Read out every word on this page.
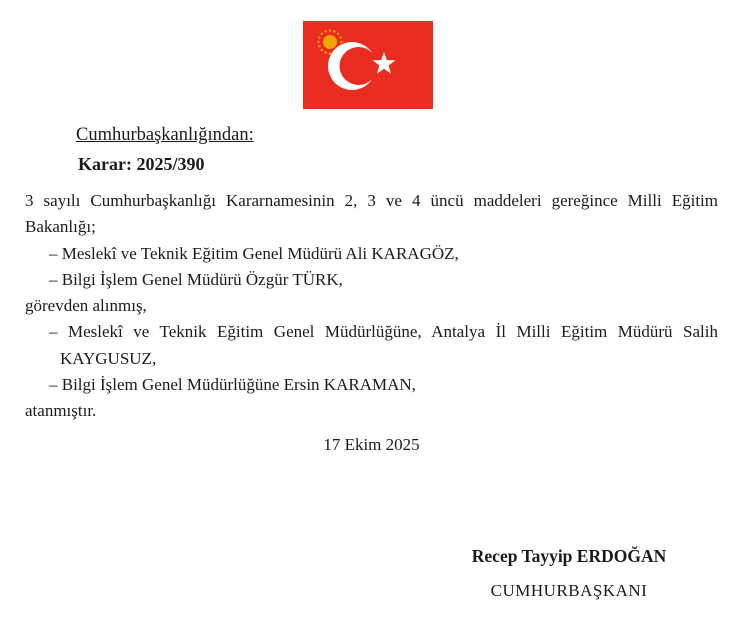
Cumhurbaşkanlığından:
Karar: 2025/390
3 sayılı Cumhurbaşkanlığı Kararnamesinin 2, 3 ve 4 üncü maddeleri gereğince Milli Eğitim Bakanlığı;
– Meslekî ve Teknik Eğitim Genel Müdürü Ali KARAGÖZ,
– Bilgi İşlem Genel Müdürü Özgür TÜRK,
görevden alınmış,
– Meslekî ve Teknik Eğitim Genel Müdürlüğüne, Antalya İl Milli Eğitim Müdürü Salih KAYGUSUZ,
– Bilgi İşlem Genel Müdürlüğüne Ersin KARAMAN,
atanmıştır.
17 Ekim 2025
Recep Tayyip ERDOĞAN
CUMHURBAŞKANI
